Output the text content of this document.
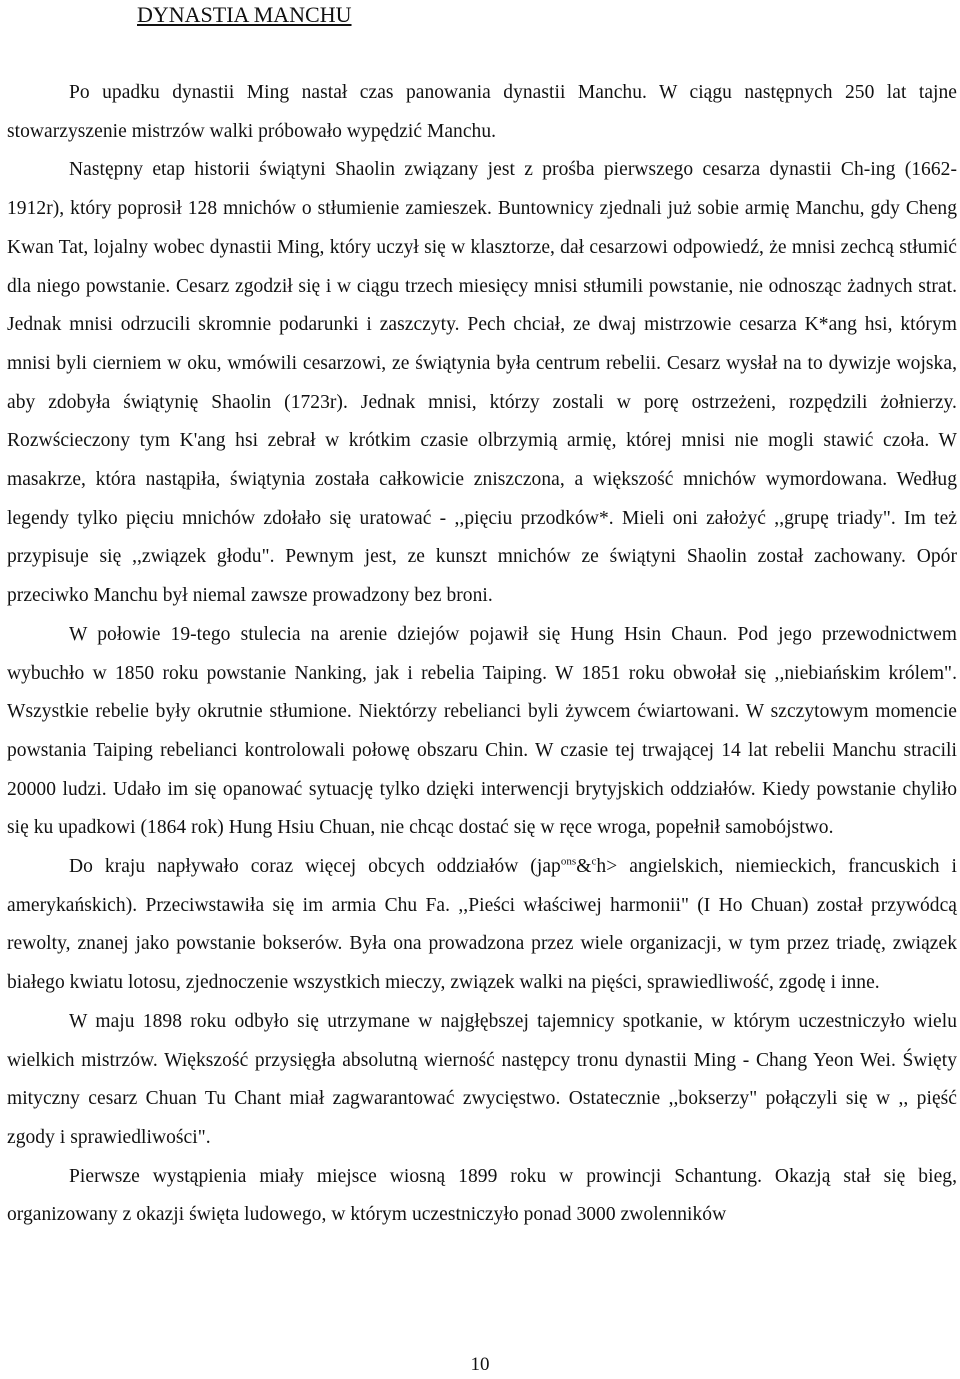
DYNASTIA MANCHU

Po upadku dynastii Ming nastał czas panowania dynastii Manchu. W ciągu następnych 250 lat tajne stowarzyszenie mistrzów walki próbowało wypędzić Manchu.

Następny etap historii świątyni Shaolin związany jest z prośba pierwszego cesarza dynastii Ch-ing (1662-1912r), który poprosił 128 mnichów o stłumienie zamieszek. Buntownicy zjednali już sobie armię Manchu, gdy Cheng Kwan Tat, lojalny wobec dynastii Ming, który uczył się w klasztorze, dał cesarzowi odpowiedź, że mnisi zechcą stłumić dla niego powstanie. Cesarz zgodził się i w ciągu trzech miesięcy mnisi stłumili powstanie, nie odnosząc żadnych strat. Jednak mnisi odrzucili skromnie podarunki i zaszczyty. Pech chciał, ze dwaj mistrzowie cesarza K*ang hsi, którym mnisi byli cierniem w oku, wmówili cesarzowi, ze świątynia była centrum rebelii. Cesarz wysłał na to dywizje wojska, aby zdobyła świątynię Shaolin (1723r). Jednak mnisi, którzy zostali w porę ostrzeżeni, rozpędzili żołnierzy. Rozwścieczony tym K'ang hsi zebrał w krótkim czasie olbrzymią armię, której mnisi nie mogli stawić czoła. W masakrze, która nastąpiła, świątynia została całkowicie zniszczona, a większość mnichów wymordowana. Według legendy tylko pięciu mnichów zdołało się uratować - ,,pięciu przodków*. Mieli oni założyć ,,grupę triady". Im też przypisuje się ,,związek głodu". Pewnym jest, ze kunszt mnichów ze świątyni Shaolin został zachowany. Opór przeciwko Manchu był niemal zawsze prowadzony bez broni.

W połowie 19-tego stulecia na arenie dziejów pojawił się Hung Hsin Chaun. Pod jego przewodnictwem wybuchło w 1850 roku powstanie Nanking, jak i rebelia Taiping. W 1851 roku obwołał się ,,niebiańskim królem". Wszystkie rebelie były okrutnie stłumione. Niektórzy rebelianci byli żywcem ćwiartowani. W szczytowym momencie powstania Taiping rebelianci kontrolowali połowę obszaru Chin. W czasie tej trwającej 14 lat rebelii Manchu stracili 20000 ludzi. Udało im się opanować sytuację tylko dzięki interwencji brytyjskich oddziałów. Kiedy powstanie chyliło się ku upadkowi (1864 rok) Hung Hsiu Chuan, nie chcąc dostać się w ręce wroga, popełnił samobójstwo.

Do kraju napływało coraz więcej obcych oddziałów (jap$^{ons}$&$^c$h> angielskich, niemieckich, francuskich i amerykańskich). Przeciwstawiła się im armia Chu Fa. ,,Pieści właściwej harmonii" (I Ho Chuan) został przywódcą rewolty, znanej jako powstanie bokserów. Była ona prowadzona przez wiele organizacji, w tym przez triadę, związek białego kwiatu lotosu, zjednoczenie wszystkich mieczy, związek walki na pięści, sprawiedliwość, zgodę i inne.

W maju 1898 roku odbyło się utrzymane w najgłębszej tajemnicy spotkanie, w którym uczestniczyło wielu wielkich mistrzów. Większość przysięgła absolutną wierność następcy tronu dynastii Ming - Chang Yeon Wei. Święty mityczny cesarz Chuan Tu Chant miał zagwarantować zwycięstwo. Ostatecznie ,,bokserzy" połączyli się w ,, pięść zgody i sprawiedliwości".

Pierwsze wystąpienia miały miejsce wiosną 1899 roku w prowincji Schantung. Okazją stał się bieg, organizowany z okazji święta ludowego, w którym uczestniczyło ponad 3000 zwolenników

10
